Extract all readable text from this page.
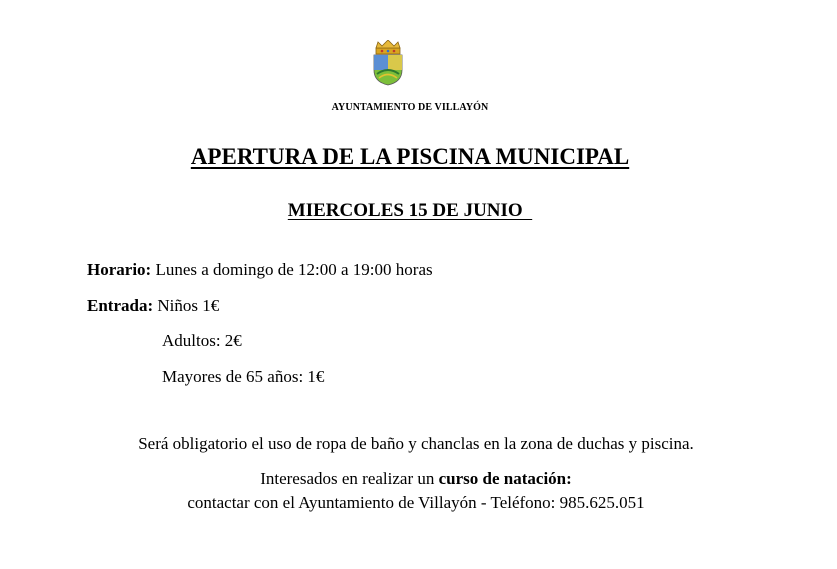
AYUNTAMIENTO DE VILLAYÓN
APERTURA DE LA PISCINA MUNICIPAL
MIERCOLES 15 DE JUNIO
Horario: Lunes a domingo de 12:00 a 19:00 horas
Entrada: Niños 1€
Adultos: 2€
Mayores de 65 años: 1€
Será obligatorio el uso de ropa de baño y chanclas en la zona de duchas y piscina.
Interesados en realizar un curso de natación:
contactar con el Ayuntamiento de Villayón - Teléfono: 985.625.051
